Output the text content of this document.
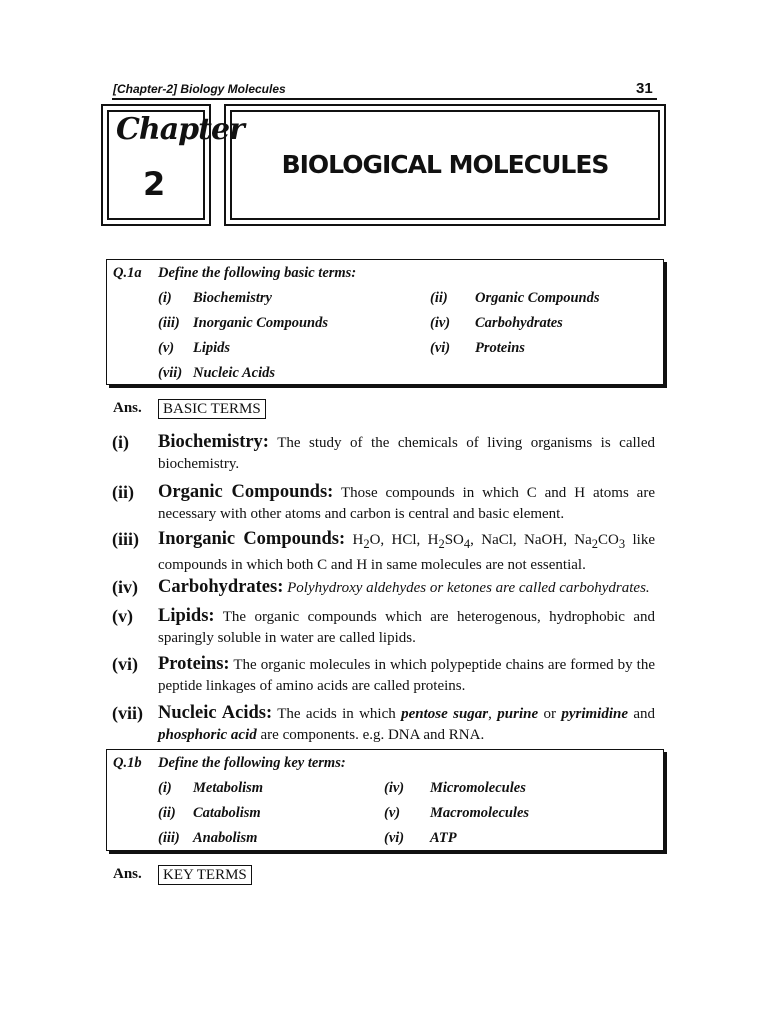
[Chapter-2] Biology Molecules	31
Chapter
2
BIOLOGICAL MOLECULES
Q.1a Define the following basic terms:
(i) Biochemistry	(ii) Organic Compounds
(iii) Inorganic Compounds	(iv) Carbohydrates
(v) Lipids	(vi) Proteins
(vii) Nucleic Acids
Ans.	BASIC TERMS
(i) Biochemistry: The study of the chemicals of living organisms is called biochemistry.
(ii) Organic Compounds: Those compounds in which C and H atoms are necessary with other atoms and carbon is central and basic element.
(iii) Inorganic Compounds: $H_2O$, HCl, $H_2SO_4$, NaCl, NaOH, $Na_2CO_3$ like compounds in which both C and H in same molecules are not essential.
(iv) Carbohydrates: Polyhydroxy aldehydes or ketones are called carbohydrates.
(v) Lipids: The organic compounds which are heterogenous, hydrophobic and sparingly soluble in water are called lipids.
(vi) Proteins: The organic molecules in which polypeptide chains are formed by the peptide linkages of amino acids are called proteins.
(vii) Nucleic Acids: The acids in which pentose sugar, purine or pyrimidine and phosphoric acid are components. e.g. DNA and RNA.
Q.1b Define the following key terms:
(i) Metabolism	(iv) Micromolecules
(ii) Catabolism	(v) Macromolecules
(iii) Anabolism	(vi) ATP
Ans.	KEY TERMS
